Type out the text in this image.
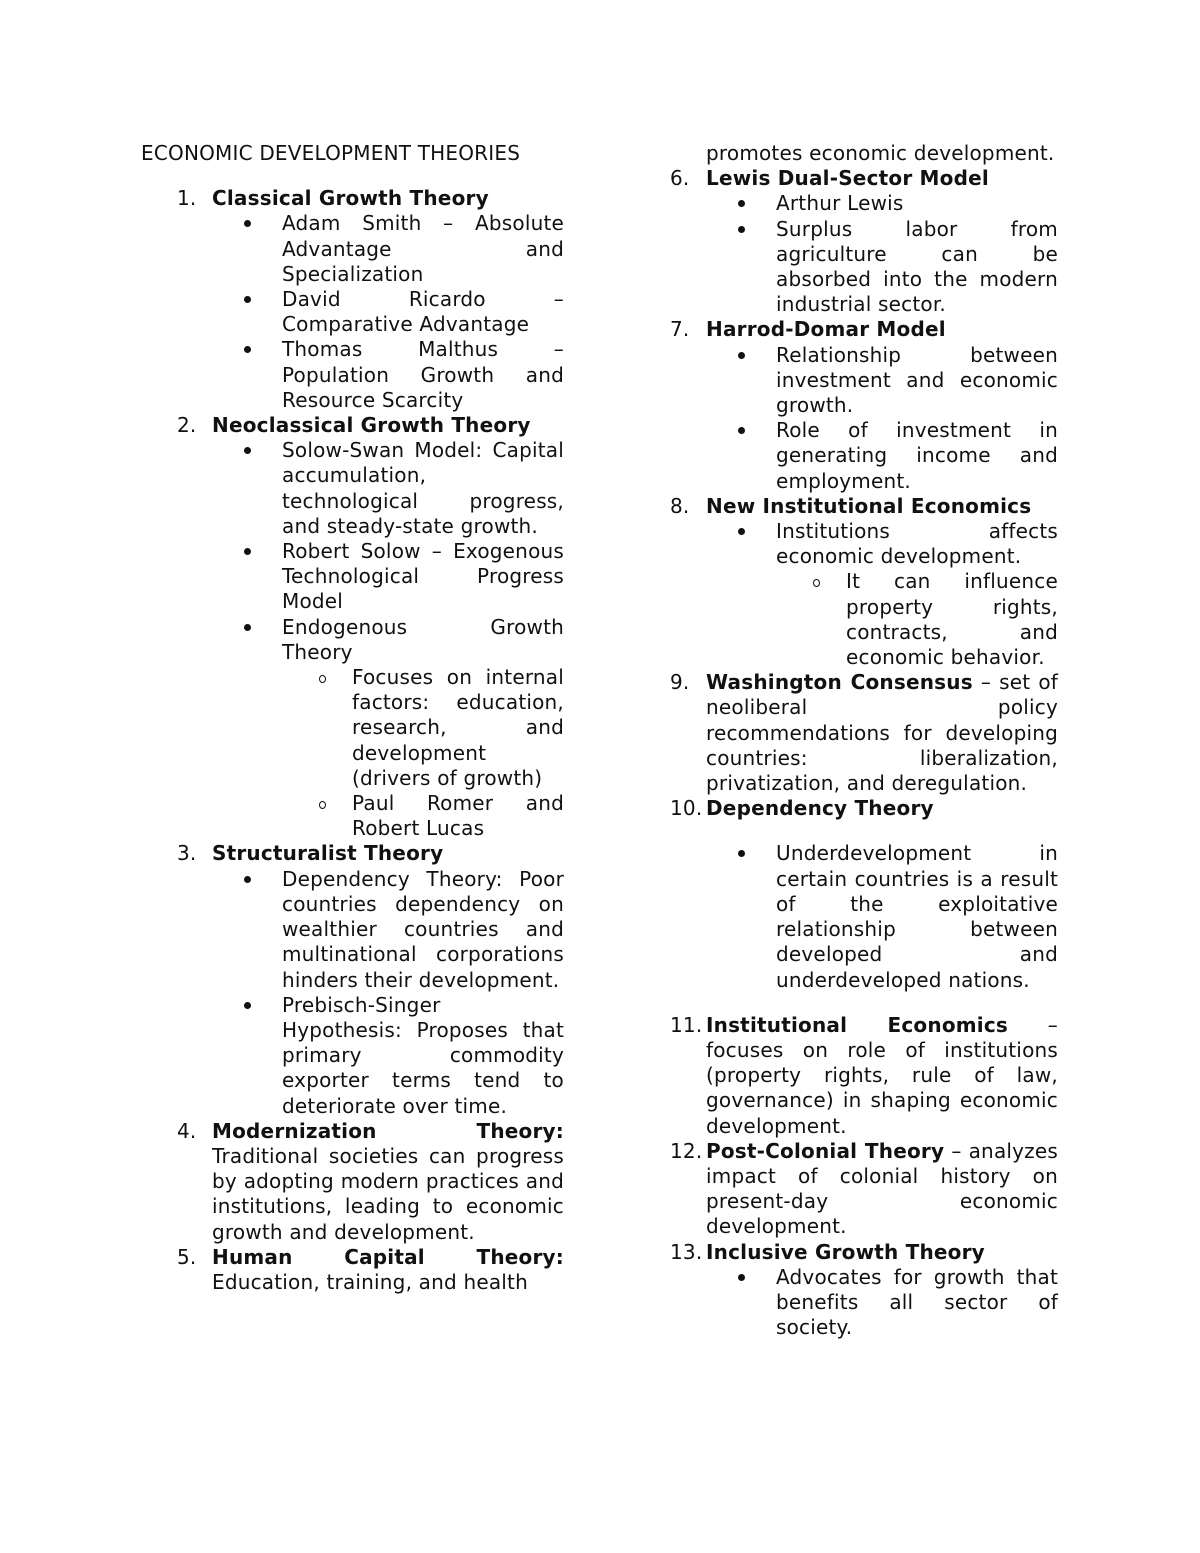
ECONOMIC DEVELOPMENT THEORIES
1. Classical Growth Theory
Adam Smith – Absolute Advantage and Specialization
David Ricardo – Comparative Advantage
Thomas Malthus – Population Growth and Resource Scarcity
2. Neoclassical Growth Theory
Solow-Swan Model: Capital accumulation, technological progress, and steady-state growth.
Robert Solow – Exogenous Technological Progress Model
Endogenous Growth Theory
Focuses on internal factors: education, research, and development (drivers of growth)
Paul Romer and Robert Lucas
3. Structuralist Theory
Dependency Theory: Poor countries dependency on wealthier countries and multinational corporations hinders their development.
Prebisch-Singer Hypothesis: Proposes that primary commodity exporter terms tend to deteriorate over time.
4. Modernization Theory: Traditional societies can progress by adopting modern practices and institutions, leading to economic growth and development.
5. Human Capital Theory: Education, training, and health
promotes economic development.
6. Lewis Dual-Sector Model
Arthur Lewis
Surplus labor from agriculture can be absorbed into the modern industrial sector.
7. Harrod-Domar Model
Relationship between investment and economic growth.
Role of investment in generating income and employment.
8. New Institutional Economics
Institutions affects economic development.
It can influence property rights, contracts, and economic behavior.
9. Washington Consensus – set of neoliberal policy recommendations for developing countries: liberalization, privatization, and deregulation.
10. Dependency Theory
Underdevelopment in certain countries is a result of the exploitative relationship between developed and underdeveloped nations.
11. Institutional Economics – focuses on role of institutions (property rights, rule of law, governance) in shaping economic development.
12. Post-Colonial Theory – analyzes impact of colonial history on present-day economic development.
13. Inclusive Growth Theory
Advocates for growth that benefits all sector of society.
